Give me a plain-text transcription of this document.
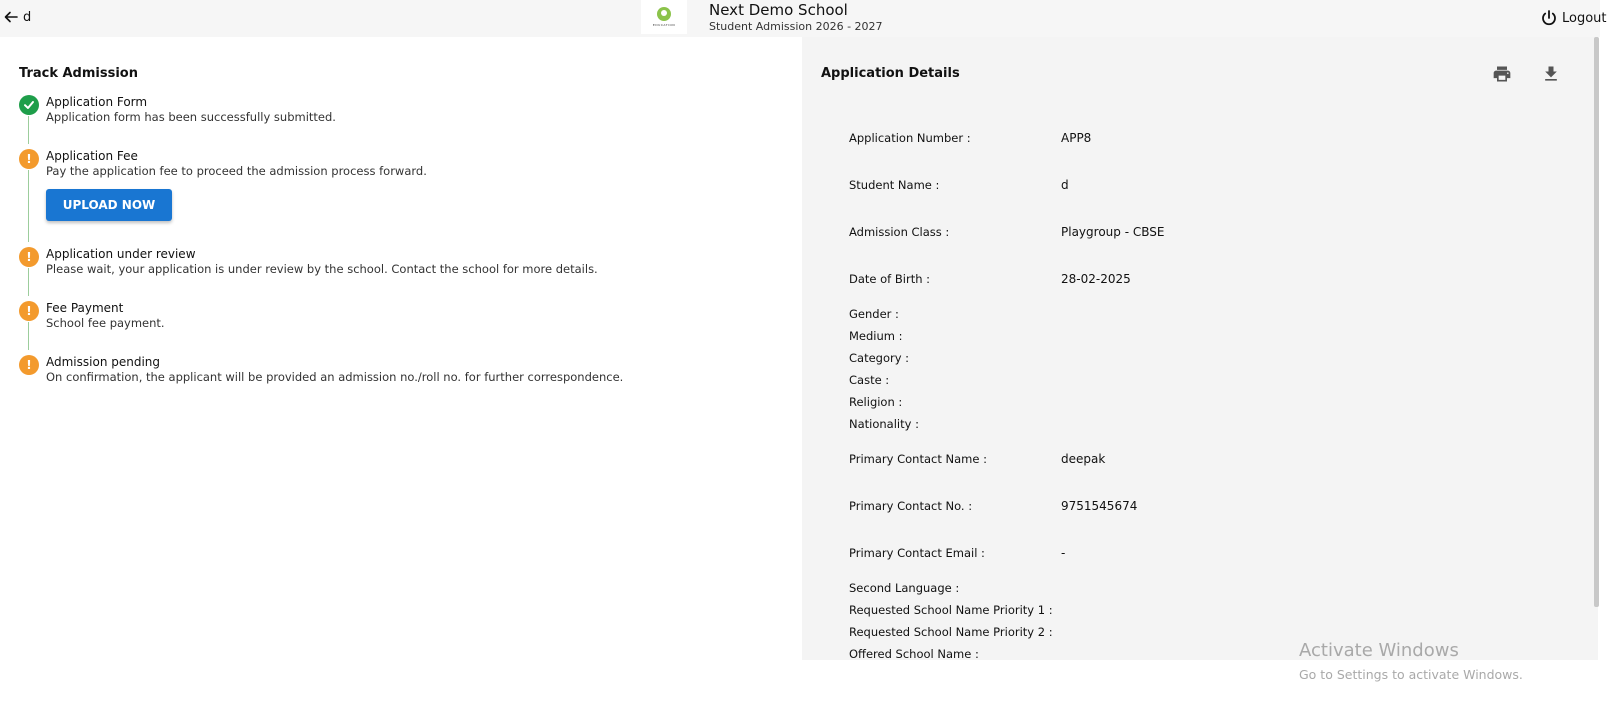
d
EDUCATION
Next Demo School
Student Admission 2026 - 2027
Logout
Track Admission
Application Form
Application form has been successfully submitted.
!	Application Fee
Pay the application fee to proceed the admission process forward.
UPLOAD NOW
!	Application under review
Please wait, your application is under review by the school. Contact the school for more details.
!	Fee Payment
School fee payment.
!	Admission pending
On confirmation, the applicant will be provided an admission no./roll no. for further correspondence.
Application Details
Application Number :	APP8
Student Name :	d
Admission Class :	Playgroup - CBSE
Date of Birth :	28-02-2025
Gender :
Medium :
Category :
Caste :
Religion :
Nationality :
Primary Contact Name :	deepak
Primary Contact No. :	9751545674
Primary Contact Email :	-
Second Language :
Requested School Name Priority 1 :
Requested School Name Priority 2 :
Offered School Name :	Activate Windows
Go to Settings to activate Windows.
